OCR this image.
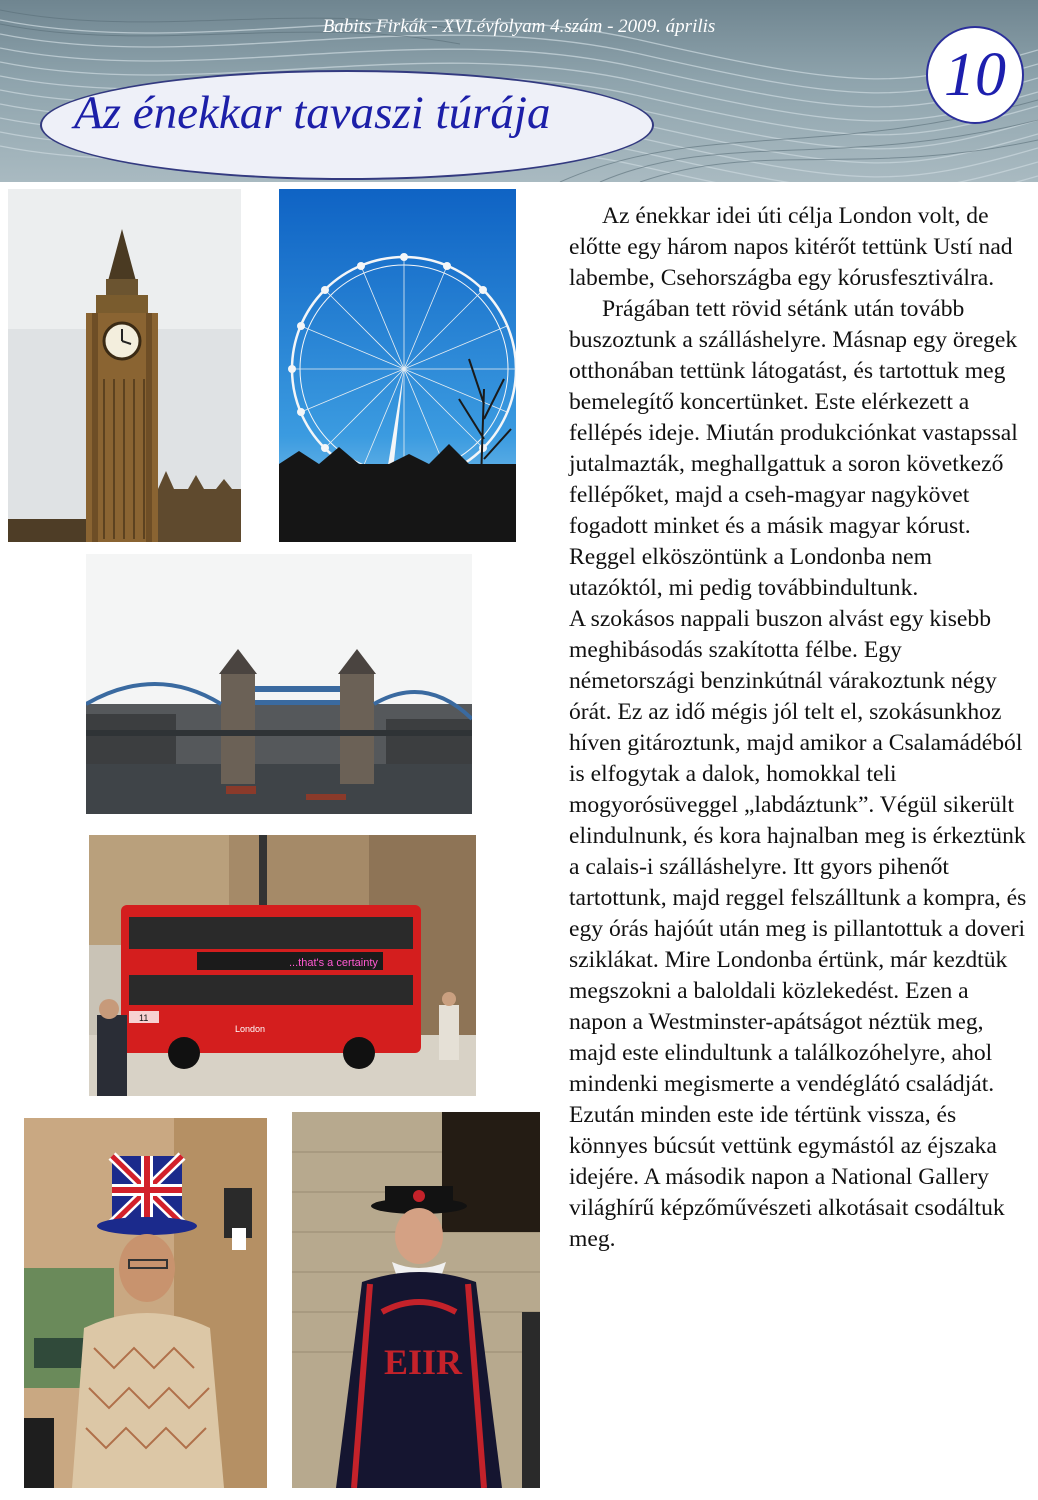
Babits Firkák - XVI.évfolyam 4.szám - 2009. április
Az énekkar tavaszi túrája
10
...that's a certainty
London
11
EIIR

Az énekkar idei úti célja London volt, de előtte egy három napos kitérőt tettünk Ustí nad labembe, Csehországba egy kórusfesztiválra.

Prágában tett rövid sétánk után tovább buszoztunk a szálláshelyre. Másnap egy öregek otthonában tettünk látogatást, és tartottuk meg bemelegítő koncertünket. Este elérkezett a fellépés ideje. Miután produkciónkat vastapssal jutalmazták, meghallgattuk a soron következő fellépőket, majd a cseh-magyar nagykövet fogadott minket és a másik magyar kórust. Reggel elköszöntünk a Londonba nem utazóktól, mi pedig továbbindultunk.

A szokásos nappali buszon alvást egy kisebb meghibásodás szakította félbe. Egy németországi benzinkútnál várakoztunk négy órát. Ez az idő mégis jól telt el, szokásunkhoz híven gitároztunk, majd amikor a Csalamádéból is elfogytak a dalok, homokkal teli mogyorósüveggel „labdáztunk”. Végül sikerült elindulnunk, és kora hajnalban meg is érkeztünk a calais-i szálláshelyre. Itt gyors pihenőt tartottunk, majd reggel felszálltunk a kompra, és egy órás hajóút után meg is pillantottuk a doveri sziklákat. Mire Londonba értünk, már kezdtük megszokni a baloldali közlekedést. Ezen a napon a Westminster-apátságot néztük meg, majd este elindultunk a találkozóhelyre, ahol mindenki megismerte a vendéglátó családját. Ezután minden este ide tértünk vissza, és könnyes búcsút vettünk egymástól az éjszaka idejére. A második napon a National Gallery világhírű képzőművészeti alkotásait csodáltuk meg.
